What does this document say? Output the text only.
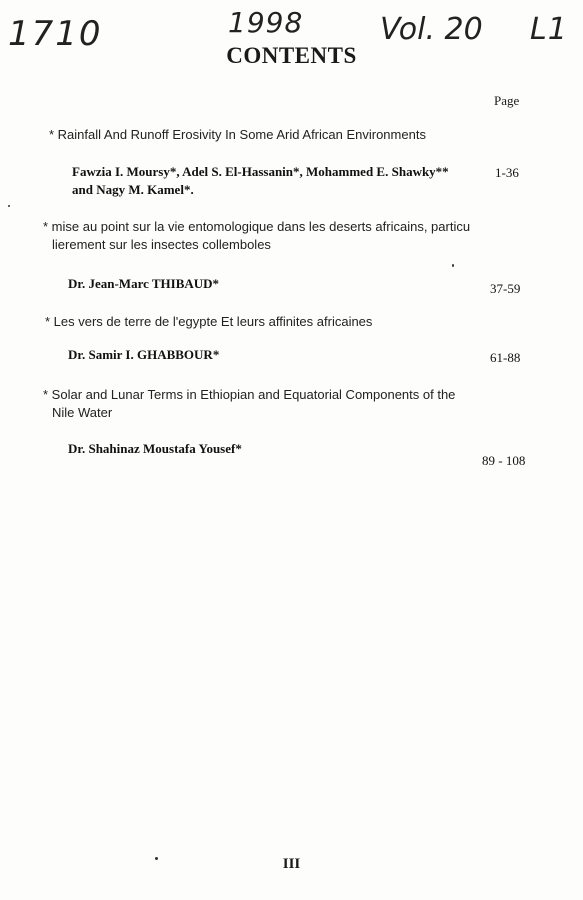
1710	1998	Vol. 20 L1
CONTENTS
Page
* Rainfall And Runoff Erosivity In Some Arid African Environments
Fawzia I. Moursy*, Adel S. El-Hassanin*, Mohammed E. Shawky**
and Nagy M. Kamel*.
1-36
* mise au point sur la vie entomologique dans les deserts africains, particu
lierement sur les insectes collemboles
Dr. Jean-Marc THIBAUD*	37-59
* Les vers de terre de l'egypte Et leurs affinites africaines
Dr. Samir I. GHABBOUR*	61-88
* Solar and Lunar Terms in Ethiopian and Equatorial Components of the
Nile Water
Dr. Shahinaz Moustafa Yousef*
89 - 108
III
